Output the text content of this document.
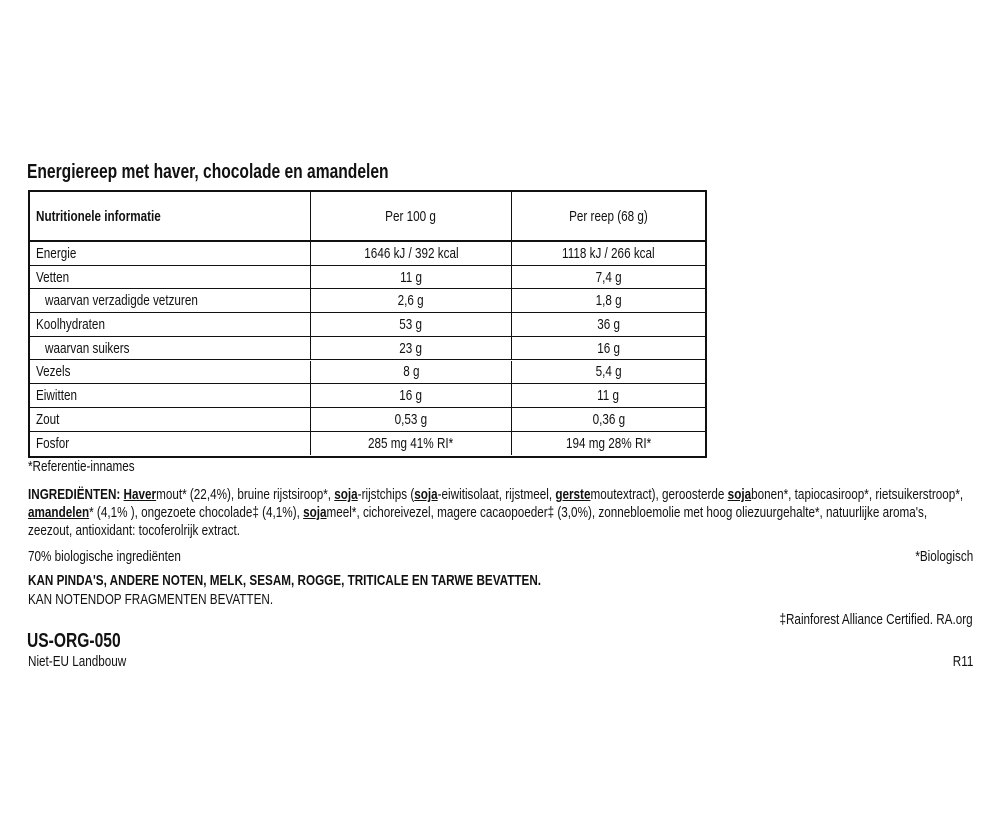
Energiereep met haver, chocolade en amandelen
Nutritionele informatie	Per 100 g	Per reep (68 g)
Energie	1646 kJ / 392 kcal	1118 kJ / 266 kcal
Vetten	11 g	7,4 g
waarvan verzadigde vetzuren	2,6 g	1,8 g
Koolhydraten	53 g	36 g
waarvan suikers	23 g	16 g
Vezels	8 g	5,4 g
Eiwitten	16 g	11 g
Zout	0,53 g	0,36 g
Fosfor	285 mg 41% RI*	194 mg 28% RI*
*Referentie-innames
INGREDIËNTEN: Havermout* (22,4%), bruine rijstsiroop*, soja-rijstchips (soja-eiwitisolaat, rijstmeel, gerstemoutextract), geroosterde sojabonen*, tapiocasiroop*, rietsuikerstroop*, amandelen* (4,1% ), ongezoete chocolade‡ (4,1%), sojameel*, cichoreivezel, magere cacaopoeder‡ (3,0%), zonnebloemolie met hoog oliezuurgehalte*, natuurlijke aroma's, zeezout, antioxidant: tocoferolrijk extract.
70% biologische ingrediënten	*Biologisch
KAN PINDA'S, ANDERE NOTEN, MELK, SESAM, ROGGE, TRITICALE EN TARWE BEVATTEN.
KAN NOTENDOP FRAGMENTEN BEVATTEN.
‡Rainforest Alliance Certified. RA.org
US-ORG-050
Niet-EU Landbouw	R11
